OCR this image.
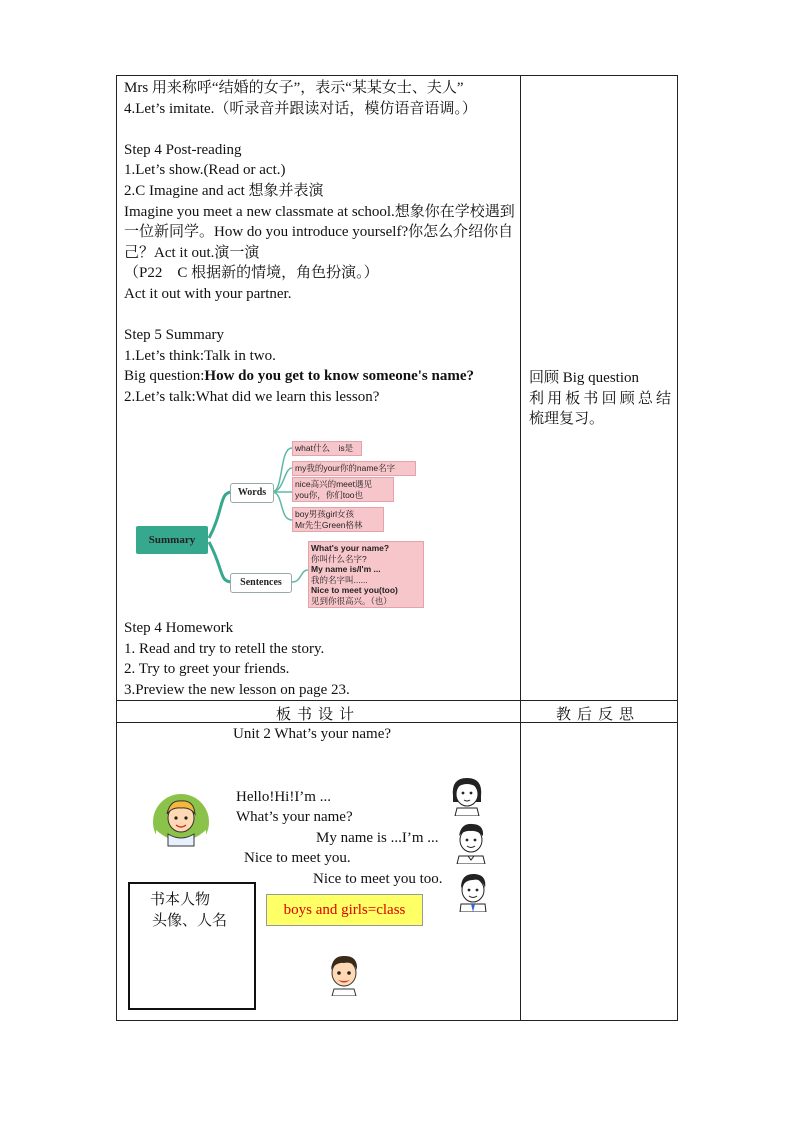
Mrs 用来称呼“结婚的女子”，表示“某某女士、夫人”

4.Let’s imitate.（听录音并跟读对话，模仿语音语调。）

Step 4 Post-reading

1.Let’s show.(Read or act.)

2.C Imagine and act 想象并表演

Imagine you meet a new classmate at school.想象你在学校遇到一位新同学。How do you introduce yourself?你怎么介绍你自己？Act it out.演一演

（P22　C 根据新的情境，角色扮演。）

Act it out with your partner.

Step 5 Summary

1.Let’s think:Talk in two.

Big question:How do you get to know someone's name?

2.Let’s talk:What did we learn this lesson?

Summary
Words
Sentences
what什么　is是
my我的your你的name名字
nice高兴的meet遇见
you你，你们too也
boy男孩girl女孩
Mr先生Green格林
What's your name?
你叫什么名字?
My name is/I'm ...
我的名字叫......
Nice to meet you(too)
见到你很高兴。（也）

Step 4 Homework

1. Read and try to retell the story.

2. Try to greet your friends.

3.Preview the new lesson on page 23.

回顾 Big question

利用板书回顾总结

梳理复习。

板书设计	教后反思
Unit 2 What’s your name?
Hello!Hi!I’m ...
What’s your name?
My name is ...I’m ...
Nice to meet you.
Nice to meet you too.
书本人物
头像、人名
boys and girls=class
